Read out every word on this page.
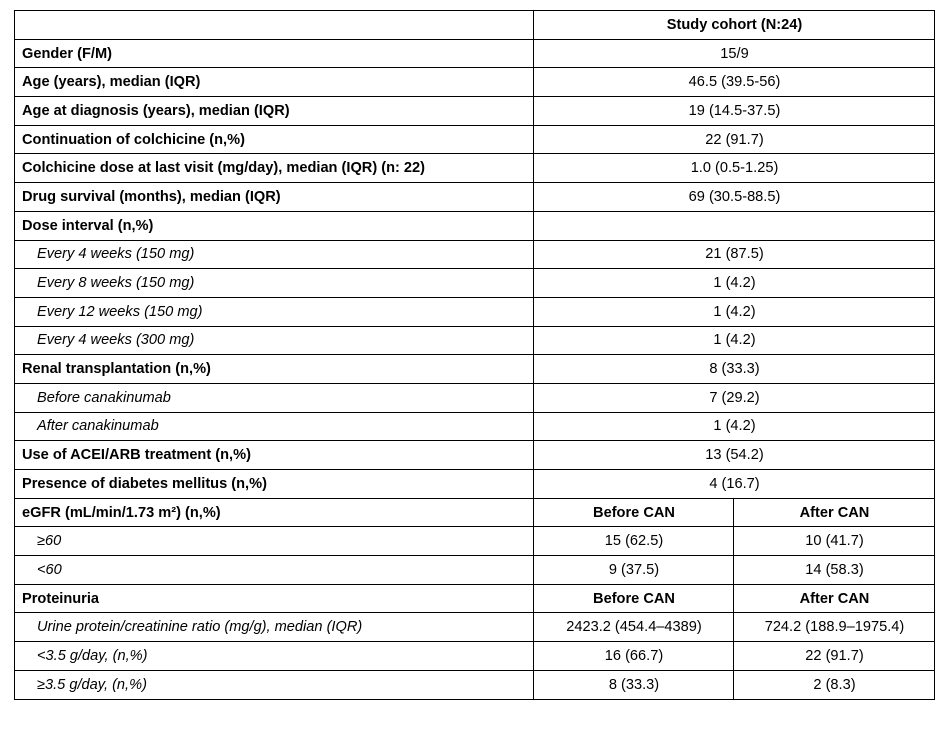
	Study cohort (N:24)	
Gender (F/M)	15/9	
Age (years), median (IQR)	46.5 (39.5-56)	
Age at diagnosis (years), median (IQR)	19 (14.5-37.5)	
Continuation of colchicine (n,%)	22 (91.7)	
Colchicine dose at last visit (mg/day), median (IQR) (n: 22)	1.0 (0.5-1.25)	
Drug survival (months), median (IQR)	69 (30.5-88.5)	
Dose interval (n,%)		
Every 4 weeks (150 mg)	21 (87.5)	
Every 8 weeks (150 mg)	1 (4.2)	
Every 12 weeks (150 mg)	1 (4.2)	
Every 4 weeks (300 mg)	1 (4.2)	
Renal transplantation (n,%)	8 (33.3)	
Before canakinumab	7 (29.2)	
After canakinumab	1 (4.2)	
Use of ACEI/ARB treatment (n,%)	13 (54.2)	
Presence of diabetes mellitus (n,%)	4 (16.7)	
eGFR (mL/min/1.73 m²) (n,%)	Before CAN	After CAN
≥60	15 (62.5)	10 (41.7)
<60	9 (37.5)	14 (58.3)
Proteinuria	Before CAN	After CAN
Urine protein/creatinine ratio (mg/g), median (IQR)	2423.2 (454.4–4389)	724.2 (188.9–1975.4)
<3.5 g/day, (n,%)	16 (66.7)	22 (91.7)
≥3.5 g/day, (n,%)	8 (33.3)	2 (8.3)
